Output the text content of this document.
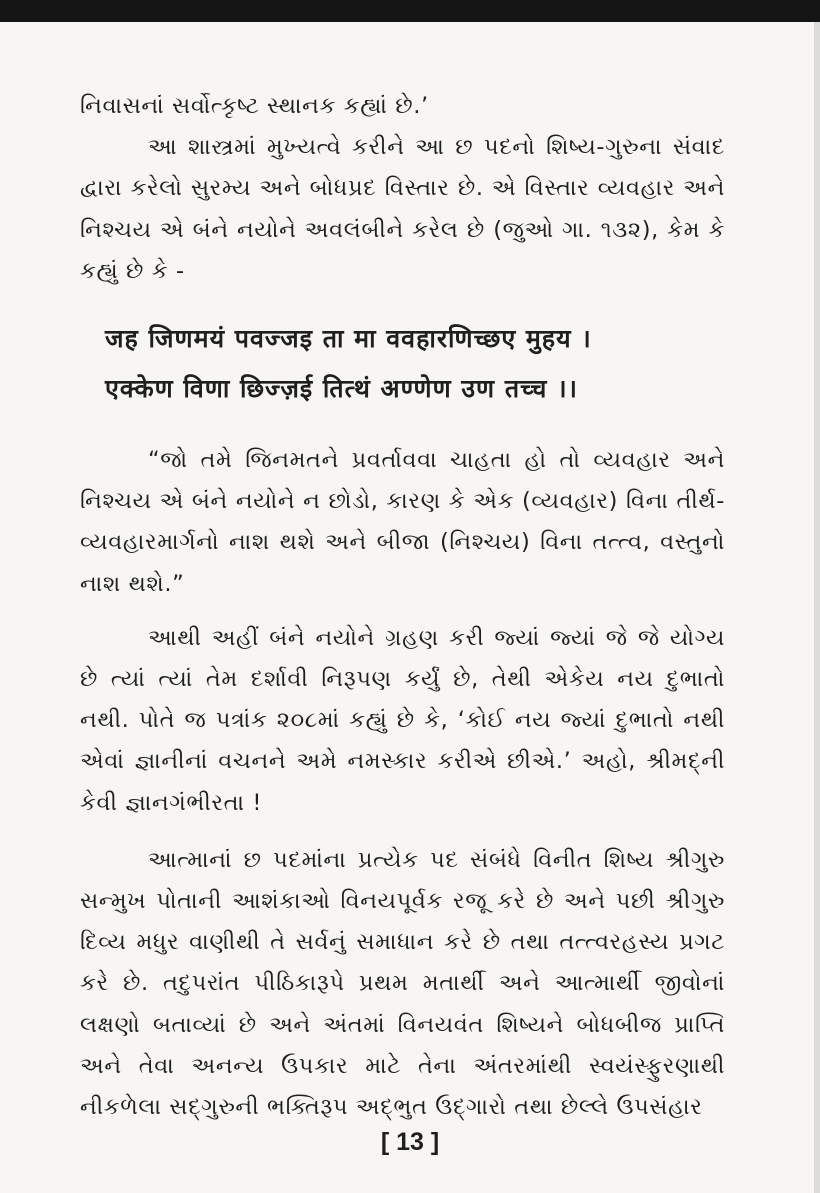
નિવાસનાં સર્વોત્કૃષ્ટ સ્થાનક કહ્યાં છે.’

આ શાસ્ત્રમાં મુખ્યત્વે કરીને આ છ પદનો શિષ્ય-ગુરુના સંવાદ દ્વારા કરેલો સુરમ્ય અને બોધપ્રદ વિસ્તાર છે. એ વિસ્તાર વ્યવહાર અને નિશ્ચય એ બંને નયોને અવલંબીને કરેલ છે (જુઓ ગા. ૧૩૨), કેમ કે કહ્યું છે કે -

जह जिणमयं पवज्जइ ता मा ववहारणिच्छए मुहय ।
एक्केण विणा छिज्ज़ई तित्थं अण्णेण उण तच्च ।।

“જો તમે જિનમતને પ્રવર્તાવવા ચાહતા હો તો વ્યવહાર અને નિશ્ચય એ બંને નયોને ન છોડો, કારણ કે એક (વ્યવહાર) વિના તીર્થ-વ્યવહારમાર્ગનો નાશ થશે અને બીજા (નિશ્ચય) વિના તત્ત્વ, વસ્તુનો નાશ થશે.”

આથી અહીં બંને નયોને ગ્રહણ કરી જ્યાં જ્યાં જે જે યોગ્ય છે ત્યાં ત્યાં તેમ દર્શાવી નિરૂપણ કર્યું છે, તેથી એકેય નય દુભાતો નથી. પોતે જ પત્રાંક ૨૦૮માં કહ્યું છે કે, ‘કોઈ નય જ્યાં દુભાતો નથી એવાં જ્ઞાનીનાં વચનને અમે નમસ્કાર કરીએ છીએ.’ અહો, શ્રીમદ્‌ની કેવી જ્ઞાનગંભીરતા !

આત્માનાં છ પદમાંના પ્રત્યેક પદ સંબંધે વિનીત શિષ્ય શ્રીગુરુ સન્મુખ પોતાની આશંકાઓ વિનયપૂર્વક રજૂ કરે છે અને પછી શ્રીગુરુ દિવ્ય મધુર વાણીથી તે સર્વનું સમાધાન કરે છે તથા તત્ત્વરહસ્ય પ્રગટ કરે છે. તદુપરાંત પીઠિકારૂપે પ્રથમ મતાર્થી અને આત્માર્થી જીવોનાં લક્ષણો બતાવ્યાં છે અને અંતમાં વિનયવંત શિષ્યને બોધબીજ પ્રાપ્તિ અને તેવા અનન્ય ઉપકાર માટે તેના અંતરમાંથી સ્વયંસ્ફુરણાથી નીકળેલા સદ્‌ગુરુની ભક્તિરૂપ અદ્‌ભુત ઉદ્‌ગારો તથા છેલ્લે ઉપસંહાર

[ 13 ]
